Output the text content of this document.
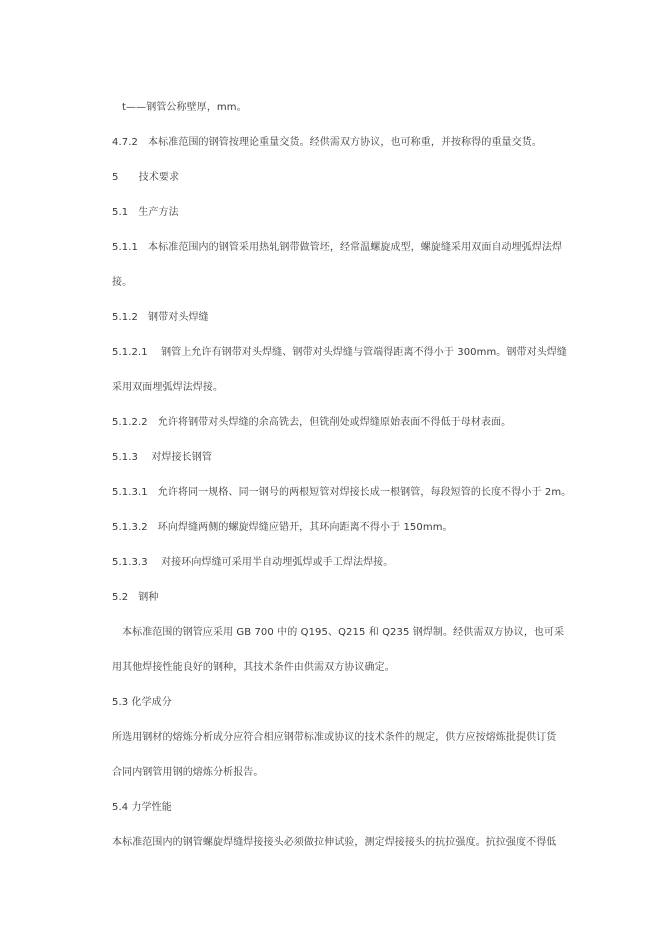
t——钢管公称壁厚，mm。
4.7.2　本标准范围的钢管按理论重量交货。经供需双方协议，也可称重，并按称得的重量交货。
5　　技术要求
5.1　生产方法
5.1.1　本标准范围内的钢管采用热轧钢带做管坯，经常温螺旋成型，螺旋缝采用双面自动埋弧焊法焊
接。
5.1.2　钢带对头焊缝
5.1.2.1　 钢管上允许有钢带对头焊缝、钢带对头焊缝与管端得距离不得小于 300mm。钢带对头焊缝
采用双面埋弧焊法焊接。
5.1.2.2　允许将钢带对头焊缝的余高铣去，但铣削处或焊缝原始表面不得低于母材表面。
5.1.3　 对焊接长钢管
5.1.3.1　允许将同一规格、同一钢号的两根短管对焊接长成一根钢管，每段短管的长度不得小于 2m。
5.1.3.2　环向焊缝两侧的螺旋焊缝应错开，其环向距离不得小于 150mm。
5.1.3.3　 对接环向焊缝可采用半自动埋弧焊或手工焊法焊接。
5.2　钢种
本标准范围的钢管应采用 GB 700 中的 Q195、Q215 和 Q235 钢焊制。经供需双方协议，也可采
用其他焊接性能良好的钢种，其技术条件由供需双方协议确定。
5.3 化学成分
所选用钢材的熔炼分析成分应符合相应钢带标准或协议的技术条件的规定，供方应按熔炼批提供订货
合同内钢管用钢的熔炼分析报告。
5.4 力学性能
本标准范围内的钢管螺旋焊缝焊接接头必须做拉伸试验，测定焊接接头的抗拉强度。抗拉强度不得低
